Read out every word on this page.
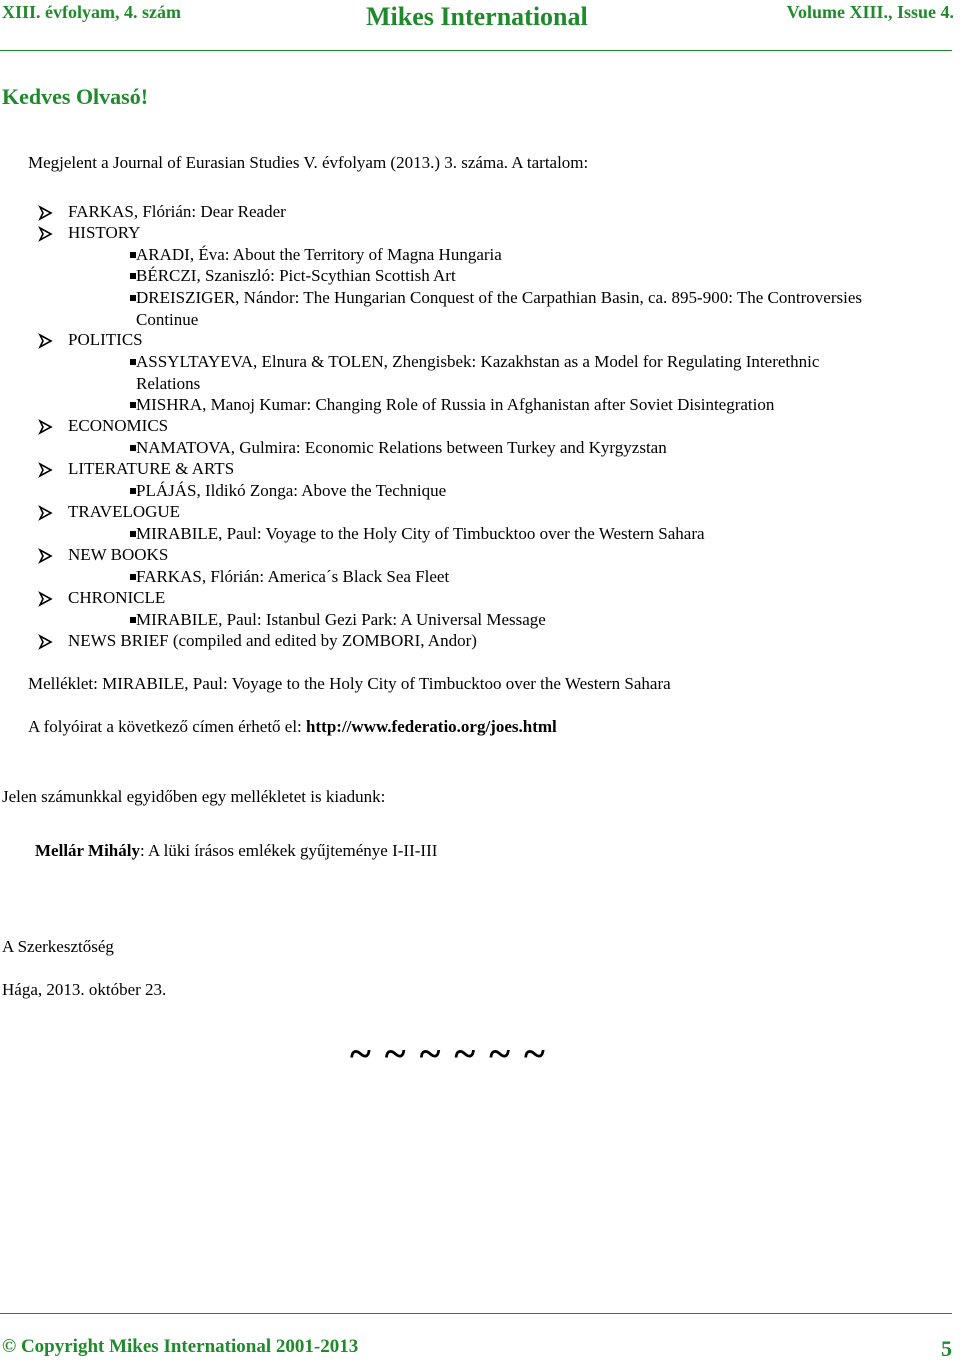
XIII. évfolyam, 4. szám	Mikes International	Volume XIII., Issue 4.
Kedves Olvasó!
Megjelent a Journal of Eurasian Studies V. évfolyam (2013.) 3. száma. A tartalom:
FARKAS, Flórián: Dear Reader
HISTORY
ARADI, Éva: About the Territory of Magna Hungaria
BÉRCZI, Szaniszló: Pict-Scythian Scottish Art
DREISZIGER, Nándor: The Hungarian Conquest of the Carpathian Basin, ca. 895-900: The Controversies
Continue
POLITICS
ASSYLTAYEVA, Elnura & TOLEN, Zhengisbek: Kazakhstan as a Model for Regulating Interethnic
Relations
MISHRA, Manoj Kumar: Changing Role of Russia in Afghanistan after Soviet Disintegration
ECONOMICS
NAMATOVA, Gulmira: Economic Relations between Turkey and Kyrgyzstan
LITERATURE & ARTS
PLÁJÁS, Ildikó Zonga: Above the Technique
TRAVELOGUE
MIRABILE, Paul: Voyage to the Holy City of Timbucktoo over the Western Sahara
NEW BOOKS
FARKAS, Flórián: America´s Black Sea Fleet
CHRONICLE
MIRABILE, Paul: Istanbul Gezi Park: A Universal Message
NEWS BRIEF (compiled and edited by ZOMBORI, Andor)
Melléklet: MIRABILE, Paul: Voyage to the Holy City of Timbucktoo over the Western Sahara
A folyóirat a következő címen érhető el: http://www.federatio.org/joes.html
Jelen számunkkal egyidőben egy mellékletet is kiadunk:
Mellár Mihály: A lüki írásos emlékek gyűjteménye I-II-III
A Szerkesztőség
Hága, 2013. október 23.
~ ~ ~ ~ ~ ~
© Copyright Mikes International 2001-2013	5
